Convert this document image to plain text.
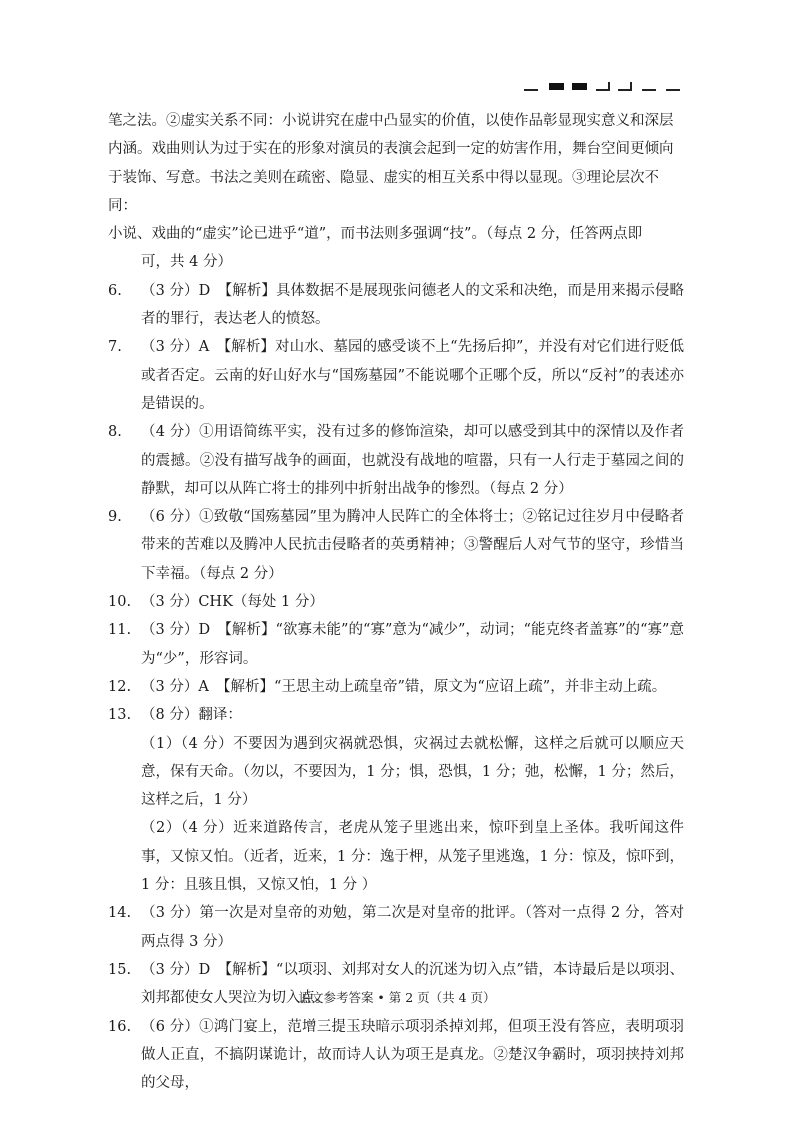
笔之法。②虚实关系不同：小说讲究在虚中凸显实的价值，以使作品彰显现实意义和深层
内涵。戏曲则认为过于实在的形象对演员的表演会起到一定的妨害作用，舞台空间更倾向
于装饰、写意。书法之美则在疏密、隐显、虚实的相互关系中得以显现。③理论层次不同：
小说、戏曲的“虚实”论已进乎“道”，而书法则多强调“技”。（每点 2 分，任答两点即
可，共 4 分）
6.	（3 分）D　【解析】具体数据不是展现张问德老人的文采和决绝，而是用来揭示侵略者的罪行，表达老人的愤怒。
7.	（3 分）A　【解析】对山水、墓园的感受谈不上“先扬后抑”，并没有对它们进行贬低或者否定。云南的好山好水与“国殇墓园”不能说哪个正哪个反，所以“反衬”的表述亦是错误的。
8.	（4 分）①用语简练平实，没有过多的修饰渲染，却可以感受到其中的深情以及作者的震撼。②没有描写战争的画面，也就没有战地的喧嚣，只有一人行走于墓园之间的静默，却可以从阵亡将士的排列中折射出战争的惨烈。（每点 2 分）
9.	（6 分）①致敬“国殇墓园”里为腾冲人民阵亡的全体将士；②铭记过往岁月中侵略者带来的苦难以及腾冲人民抗击侵略者的英勇精神；③警醒后人对气节的坚守，珍惜当下幸福。（每点 2 分）
10. （3 分）CHK（每处 1 分）
11. （3 分）D　【解析】“欲寡未能”的“寡”意为“减少”，动词；“能克终者盖寡”的“寡”意为“少”，形容词。
12. （3 分）A　【解析】“王思主动上疏皇帝”错，原文为“应诏上疏”，并非主动上疏。
13. （8 分）翻译：
（1）（4 分）不要因为遇到灾祸就恐惧，灾祸过去就松懈，这样之后就可以顺应天意，保有天命。（勿以，不要因为，1 分；惧，恐惧，1 分；弛，松懈，1 分；然后，这样之后，1 分）
（2）（4 分）近来道路传言，老虎从笼子里逃出来，惊吓到皇上圣体。我听闻这件事，又惊又怕。（近者，近来，1 分：逸于柙，从笼子里逃逸，1 分：惊及，惊吓到，1 分：且骇且惧，又惊又怕，1 分 ）
14. （3 分）第一次是对皇帝的劝勉，第二次是对皇帝的批评。（答对一点得 2 分，答对两点得 3 分）
15. （3 分）D　【解析】“以项羽、刘邦对女人的沉迷为切入点”错，本诗最后是以项羽、刘邦都使女人哭泣为切入点。
16. （6 分）①鸿门宴上，范增三提玉玦暗示项羽杀掉刘邦，但项王没有答应，表明项羽做人正直，不搞阴谋诡计，故而诗人认为项王是真龙。②楚汉争霸时，项羽挟持刘邦的父母，
语文参考答案 • 第 2 页（共 4 页）
